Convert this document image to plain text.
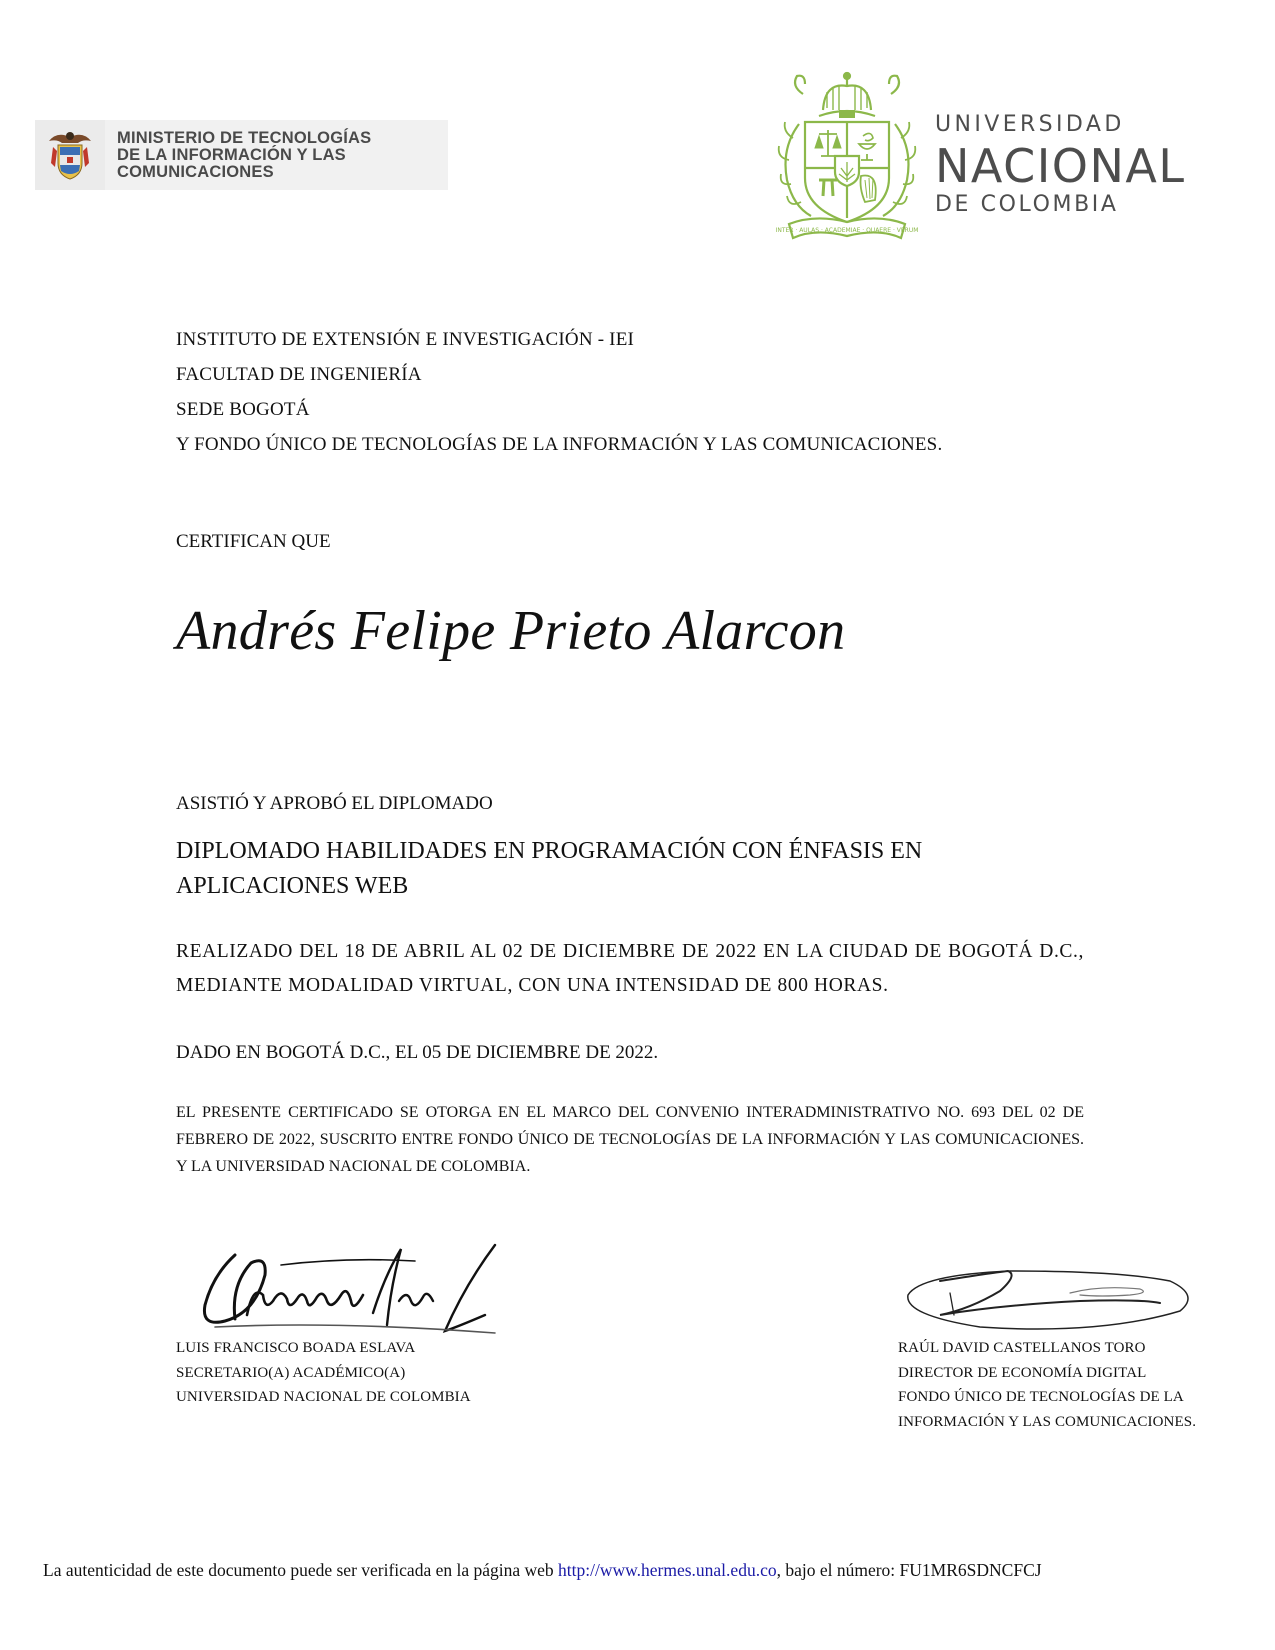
MINISTERIO DE TECNOLOGÍAS
DE LA INFORMACIÓN Y LAS
COMUNICACIONES
INTER · AULAS · ACADEMIAE · QUAERE · VERUM
UNIVERSIDAD
NACIONAL
DE COLOMBIA
INSTITUTO DE EXTENSIÓN E INVESTIGACIÓN - IEI
FACULTAD DE INGENIERÍA
SEDE BOGOTÁ
Y FONDO ÚNICO DE TECNOLOGÍAS DE LA INFORMACIÓN Y LAS COMUNICACIONES.
CERTIFICAN QUE
Andrés Felipe Prieto Alarcon
ASISTIÓ Y APROBÓ EL DIPLOMADO
DIPLOMADO HABILIDADES EN PROGRAMACIÓN CON ÉNFASIS EN APLICACIONES WEB
REALIZADO DEL 18 DE ABRIL AL 02 DE DICIEMBRE DE 2022 EN LA CIUDAD DE BOGOTÁ D.C., MEDIANTE MODALIDAD VIRTUAL, CON UNA INTENSIDAD DE 800 HORAS.
DADO EN BOGOTÁ D.C., EL 05 DE DICIEMBRE DE 2022.
EL PRESENTE CERTIFICADO SE OTORGA EN EL MARCO DEL CONVENIO INTERADMINISTRATIVO NO. 693 DEL 02 DE FEBRERO DE 2022, SUSCRITO ENTRE FONDO ÚNICO DE TECNOLOGÍAS DE LA INFORMACIÓN Y LAS COMUNICACIONES. Y LA UNIVERSIDAD NACIONAL DE COLOMBIA.
LUIS FRANCISCO BOADA ESLAVA
SECRETARIO(A) ACADÉMICO(A)
UNIVERSIDAD NACIONAL DE COLOMBIA
RAÚL DAVID CASTELLANOS TORO
DIRECTOR DE ECONOMÍA DIGITAL
FONDO ÚNICO DE TECNOLOGÍAS DE LA
INFORMACIÓN Y LAS COMUNICACIONES.
La autenticidad de este documento puede ser verificada en la página web http://www.hermes.unal.edu.co, bajo el número: FU1MR6SDNCFCJ
